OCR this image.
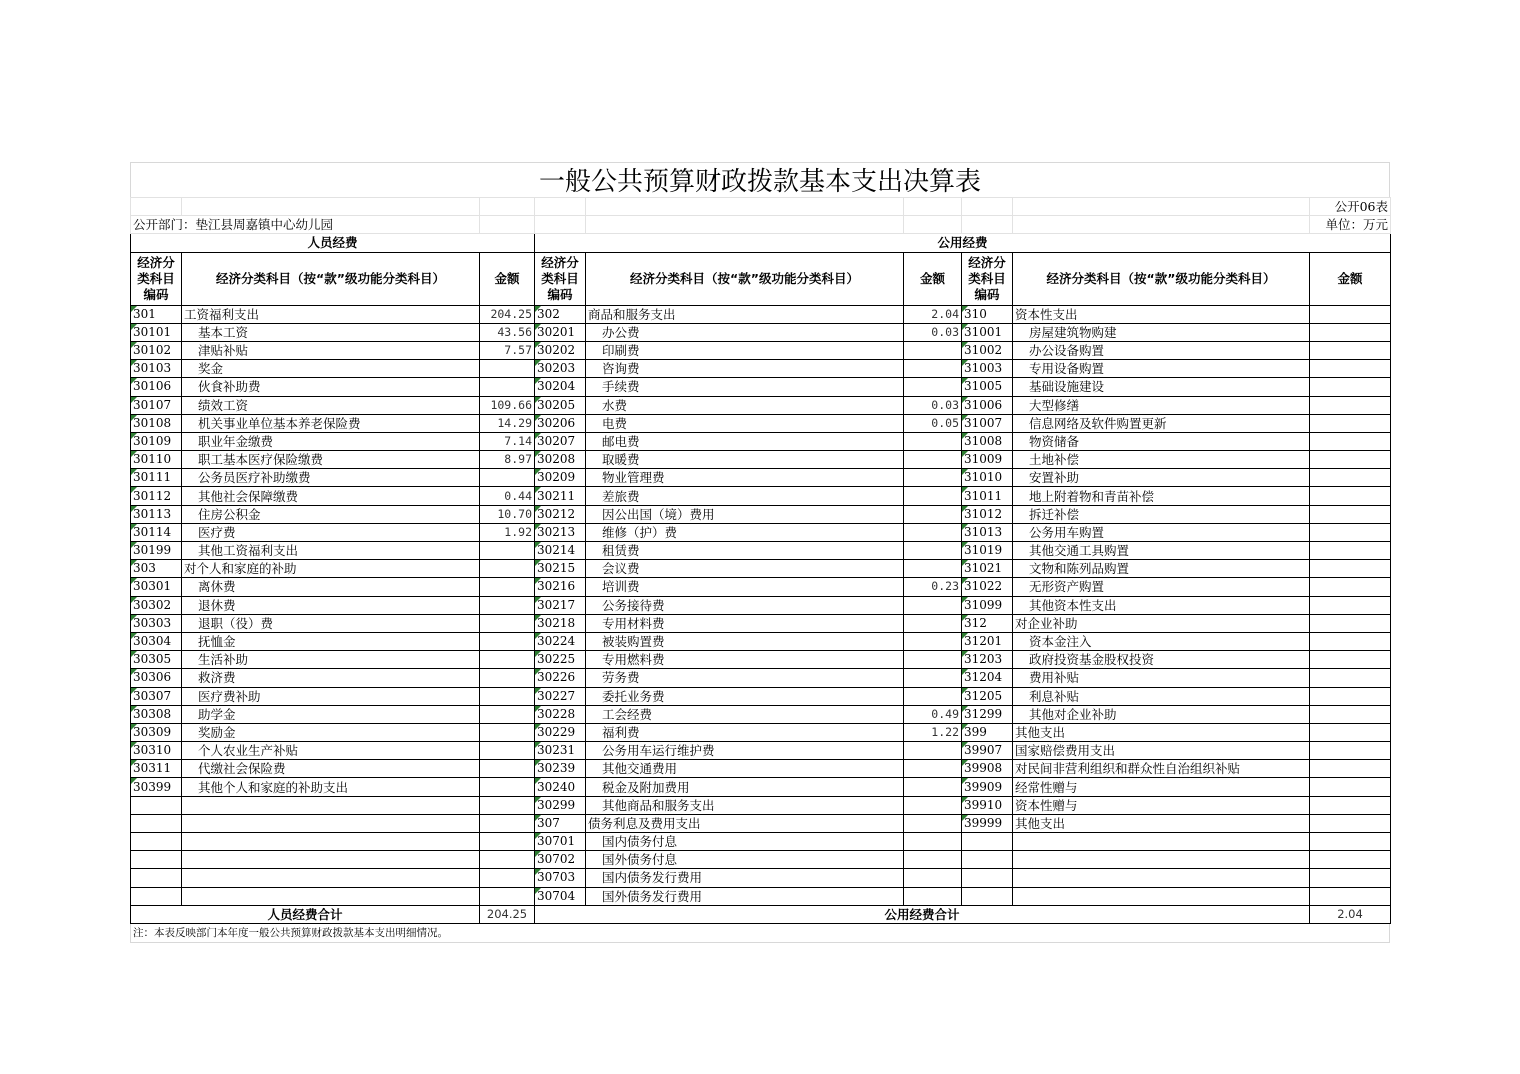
一般公共预算财政拨款基本支出决算表
								公开06表
公开部门：垫江县周嘉镇中心幼儿园								单位：万元
人员经费			公用经费					
经济分类科目编码	经济分类科目（按“款”级功能分类科目）	金额	经济分类科目编码	经济分类科目（按“款”级功能分类科目）	金额	经济分类科目编码	经济分类科目（按“款”级功能分类科目）	金额
301	工资福利支出	204.25	302	商品和服务支出	2.04	310	资本性支出	
30101	基本工资	43.56	30201	办公费	0.03	31001	房屋建筑物购建	
30102	津贴补贴	7.57	30202	印刷费		31002	办公设备购置	
30103	奖金		30203	咨询费		31003	专用设备购置	
30106	伙食补助费		30204	手续费		31005	基础设施建设	
30107	绩效工资	109.66	30205	水费	0.03	31006	大型修缮	
30108	机关事业单位基本养老保险费	14.29	30206	电费	0.05	31007	信息网络及软件购置更新	
30109	职业年金缴费	7.14	30207	邮电费		31008	物资储备	
30110	职工基本医疗保险缴费	8.97	30208	取暖费		31009	土地补偿	
30111	公务员医疗补助缴费		30209	物业管理费		31010	安置补助	
30112	其他社会保障缴费	0.44	30211	差旅费		31011	地上附着物和青苗补偿	
30113	住房公积金	10.70	30212	因公出国（境）费用		31012	拆迁补偿	
30114	医疗费	1.92	30213	维修（护）费		31013	公务用车购置	
30199	其他工资福利支出		30214	租赁费		31019	其他交通工具购置	
303	对个人和家庭的补助		30215	会议费		31021	文物和陈列品购置	
30301	离休费		30216	培训费	0.23	31022	无形资产购置	
30302	退休费		30217	公务接待费		31099	其他资本性支出	
30303	退职（役）费		30218	专用材料费		312	对企业补助	
30304	抚恤金		30224	被装购置费		31201	资本金注入	
30305	生活补助		30225	专用燃料费		31203	政府投资基金股权投资	
30306	救济费		30226	劳务费		31204	费用补贴	
30307	医疗费补助		30227	委托业务费		31205	利息补贴	
30308	助学金		30228	工会经费	0.49	31299	其他对企业补助	
30309	奖励金		30229	福利费	1.22	399	其他支出	
30310	个人农业生产补贴		30231	公务用车运行维护费		39907	国家赔偿费用支出	
30311	代缴社会保险费		30239	其他交通费用		39908	对民间非营利组织和群众性自治组织补贴	
30399	其他个人和家庭的补助支出		30240	税金及附加费用		39909	经常性赠与	
			30299	其他商品和服务支出		39910	资本性赠与	
			307	债务利息及费用支出		39999	其他支出	
			30701	国内债务付息				
			30702	国外债务付息				
			30703	国内债务发行费用				
			30704	国外债务发行费用				
人员经费合计		204.25	公用经费合计					2.04
注：本表反映部门本年度一般公共预算财政拨款基本支出明细情况。
